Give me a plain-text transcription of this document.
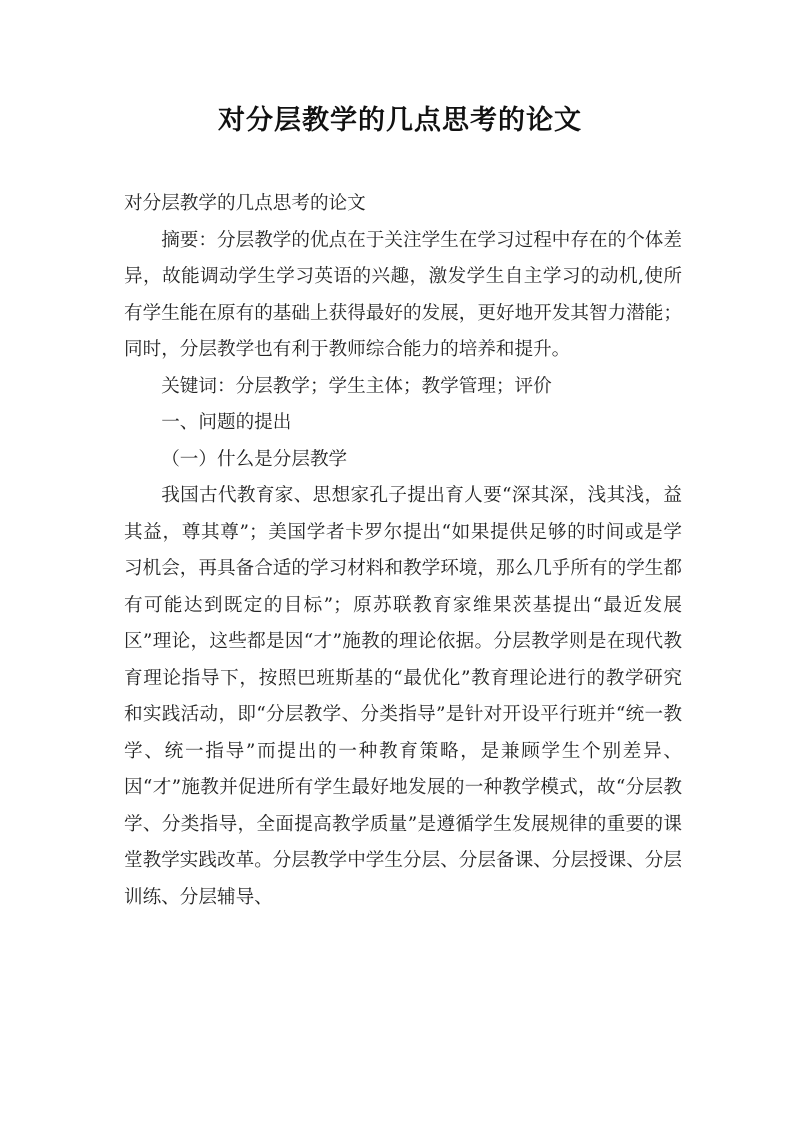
对分层教学的几点思考的论文

对分层教学的几点思考的论文

摘要：分层教学的优点在于关注学生在学习过程中存在的个体差异，故能调动学生学习英语的兴趣，激发学生自主学习的动机,使所有学生能在原有的基础上获得最好的发展，更好地开发其智力潜能；同时，分层教学也有利于教师综合能力的培养和提升。

关键词：分层教学；学生主体；教学管理；评价

一、问题的提出

（一）什么是分层教学

我国古代教育家、思想家孔子提出育人要“深其深，浅其浅，益其益，尊其尊”；美国学者卡罗尔提出“如果提供足够的时间或是学习机会，再具备合适的学习材料和教学环境，那么几乎所有的学生都有可能达到既定的目标”；原苏联教育家维果茨基提出“最近发展区”理论，这些都是因“才”施教的理论依据。分层教学则是在现代教育理论指导下，按照巴班斯基的“最优化”教育理论进行的教学研究和实践活动，即“分层教学、分类指导”是针对开设平行班并“统一教学、统一指导”而提出的一种教育策略，是兼顾学生个别差异、因“才”施教并促进所有学生最好地发展的一种教学模式，故“分层教学、分类指导，全面提高教学质量”是遵循学生发展规律的重要的课堂教学实践改革。分层教学中学生分层、分层备课、分层授课、分层训练、分层辅导、
